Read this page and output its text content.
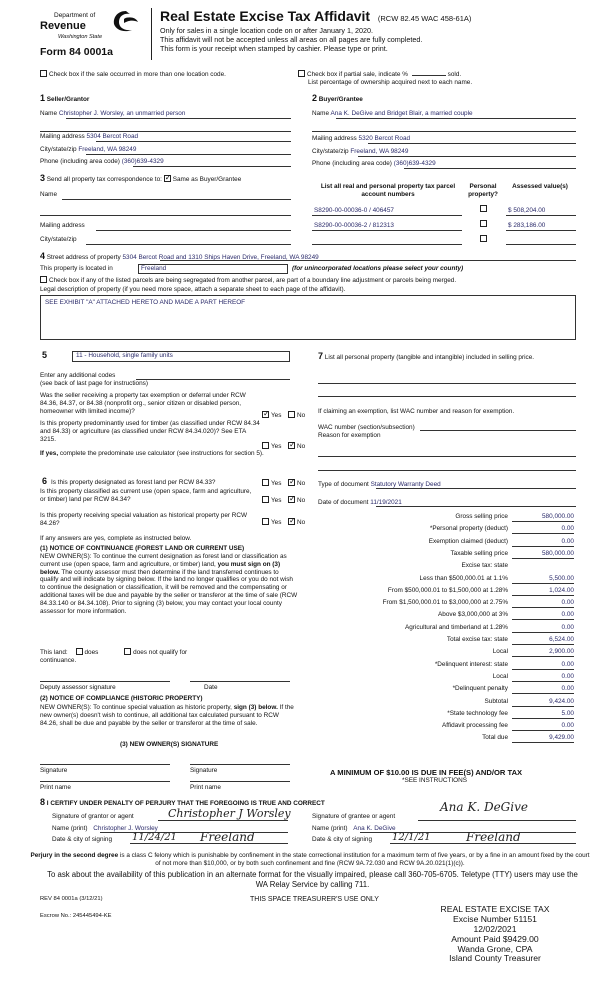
Department of
Revenue
Washington State
Form 84 0001a
Real Estate Excise Tax Affidavit (RCW 82.45 WAC 458-61A)
Only for sales in a single location code on or after January 1, 2020.
This affidavit will not be accepted unless all areas on all pages are fully completed.
This form is your receipt when stamped by cashier. Please type or print.
Check box if the sale occurred in more than one location code.	Check box if partial sale, indicate %	sold.
List percentage of ownership acquired next to each name.
1 Seller/Grantor
Name Christopher J. Worsley, an unmarried person
Mailing address 5304 Bercot Road
City/state/zip Freeland, WA 98249
Phone (including area code) (360)639-4329
2 Buyer/Grantee
Name Ana K. DeGive and Bridget Blair, a married couple
Mailing address 5320 Bercot Road
City/state/zip Freeland, WA 98249
Phone (including area code) (360)639-4329
3 Send all property tax correspondence to: ✓ Same as Buyer/Grantee
Name
Mailing address
City/state/zip
List all real and personal property tax parcel account numbers
Personal property?
Assessed value(s)
S8290-00-00036-0 / 406457	$ 508,204.00
S8290-00-00036-2 / 812313	$ 283,186.00
4 Street address of property 5304 Bercot Road and 1310 Ships Haven Drive, Freeland, WA 98249
This property is located in	Freeland	(for unincorporated locations please select your county)
Check box if any of the listed parcels are being segregated from another parcel, are part of a boundary line adjustment or parcels being merged.
Legal description of property (if you need more space, attach a separate sheet to each page of the affidavit).
SEE EXHIBIT "A" ATTACHED HERETO AND MADE A PART HEREOF
5	11 - Household, single family units
Enter any additional codes
(see back of last page for instructions)
Was the seller receiving a property tax exemption or deferral under RCW 84.36, 84.37, or 84.38 (nonprofit org., senior citizen or disabled person, homeowner with limited income)?
✓Yes	No
Is this property predominantly used for timber (as classified under RCW 84.34 and 84.33) or agriculture (as classified under RCW 84.34.020)? See ETA 3215.
Yes ✓	No
If yes, complete the predominate use calculator (see instructions for section 5).
7 List all personal property (tangible and intangible) included in selling price.
If claiming an exemption, list WAC number and reason for exemption.
WAC number (section/subsection)
Reason for exemption
6 Is this property designated as forest land per RCW 84.33?	Yes ✓	No
Is this property classified as current use (open space, farm and agriculture, or timber) land per RCW 84.34?	Yes ✓	No
Is this property receiving special valuation as historical property per RCW 84.26?	Yes ✓	No
If any answers are yes, complete as instructed below.
(1) NOTICE OF CONTINUANCE (FOREST LAND OR CURRENT USE)
NEW OWNER(S): To continue the current designation as forest land or classification as current use (open space, farm and agriculture, or timber) land, you must sign on (3) below. The county assessor must then determine if the land transferred continues to qualify and will indicate by signing below. If the land no longer qualifies or you do not wish to continue the designation or classification, it will be removed and the compensating or additional taxes will be due and payable by the seller or transferor at the time of sale (RCW 84.33.140 or 84.34.108). Prior to signing (3) below, you may contact your local county assessor for more information.
This land:	does	does not qualify for
continuance.
Deputy assessor signature	Date
(2) NOTICE OF COMPLIANCE (HISTORIC PROPERTY)
NEW OWNER(S): To continue special valuation as historic property, sign (3) below. If the new owner(s) doesn't wish to continue, all additional tax calculated pursuant to RCW 84.26, shall be due and payable by the seller or transferor at the time of sale.
(3) NEW OWNER(S) SIGNATURE
Signature	Signature
Print name	Print name
Type of document Statutory Warranty Deed
Date of document 11/19/2021
Gross selling price	580,000.00
*Personal property (deduct)	0.00
Exemption claimed (deduct)	0.00
Taxable selling price	580,000.00
Excise tax: state
Less than $500,000.01 at 1.1%	5,500.00
From $500,000.01 to $1,500,000 at 1.28%	1,024.00
From $1,500,000.01 to $3,000,000 at 2.75%	0.00
Above $3,000,000 at 3%	0.00
Agricultural and timberland at 1.28%	0.00
Total excise tax: state	6,524.00
Local	2,900.00
*Delinquent interest: state	0.00
Local	0.00
*Delinquent penalty	0.00
Subtotal	9,424.00
*State technology fee	5.00
Affidavit processing fee	0.00
Total due	9,429.00
A MINIMUM OF $10.00 IS DUE IN FEE(S) AND/OR TAX
*SEE INSTRUCTIONS
8 I CERTIFY UNDER PENALTY OF PERJURY THAT THE FOREGOING IS TRUE AND CORRECT
Signature of grantor or agent	Christopher J Worsley
Name (print) Christopher J. Worsley
Date & city of signing 11/24/21 Freeland
Signature of grantee or agent
Ana K. DeGive
Name (print) Ana K. DeGive
Date & city of signing 12/1/21	Freeland
Perjury in the second degree is a class C felony which is punishable by confinement in the state correctional institution for a maximum term of five years, or by a fine in an amount fixed by the court of not more than $10,000, or by both such confinement and fine (RCW 9A.72.030 and RCW 9A.20.021(1)(c)).
To ask about the availability of this publication in an alternate format for the visually impaired, please call 360-705-6705. Teletype (TTY) users may use the WA Relay Service by calling 711.
REV 84 0001a (3/12/21)	THIS SPACE TREASURER'S USE ONLY
Escrow No.: 245445494-KE
REAL ESTATE EXCISE TAX
Excise Number 51151
12/02/2021
Amount Paid $9429.00
Wanda Grone, CPA
Island County Treasurer
